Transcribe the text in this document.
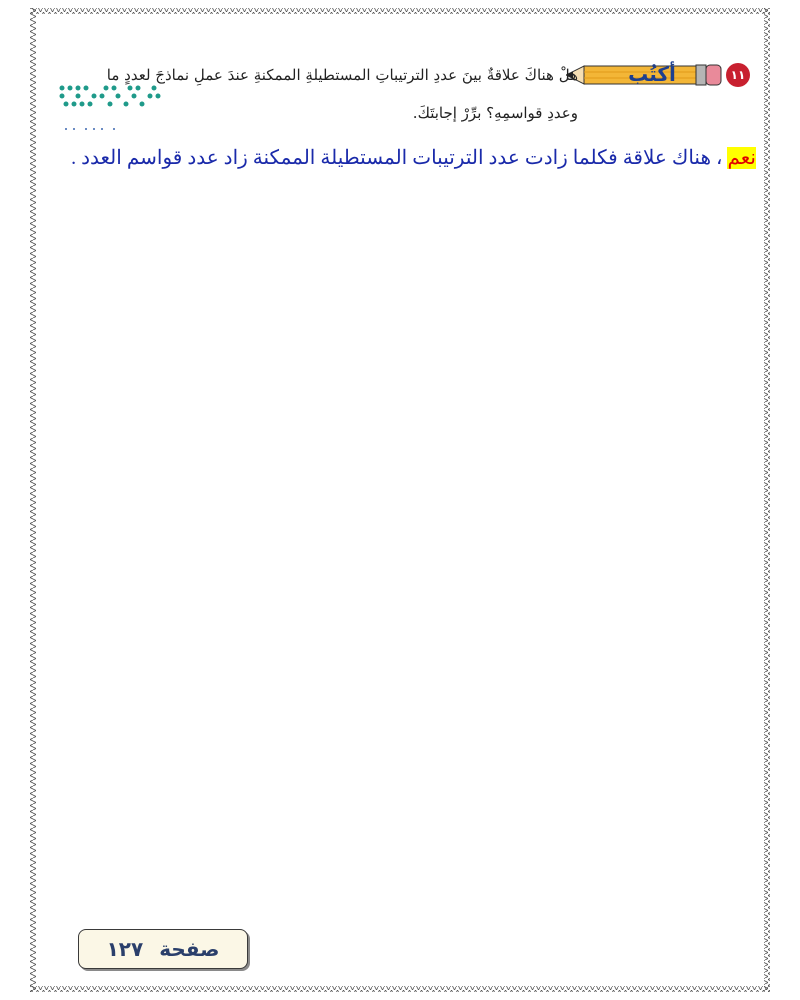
١١
أكتُب
هلْ هناكَ علاقةٌ بينَ عددِ الترتيباتِ المستطيلةِ الممكنةِ عندَ عملِ نماذجَ لعددٍ ما
وعددِ قواسمِهِ؟ برِّرْ إجابتَكَ.
نعم ، هناك علاقة فكلما زادت عدد الترتيبات المستطيلة الممكنة زاد عدد قواسم العدد .
صفحة
١٢٧
